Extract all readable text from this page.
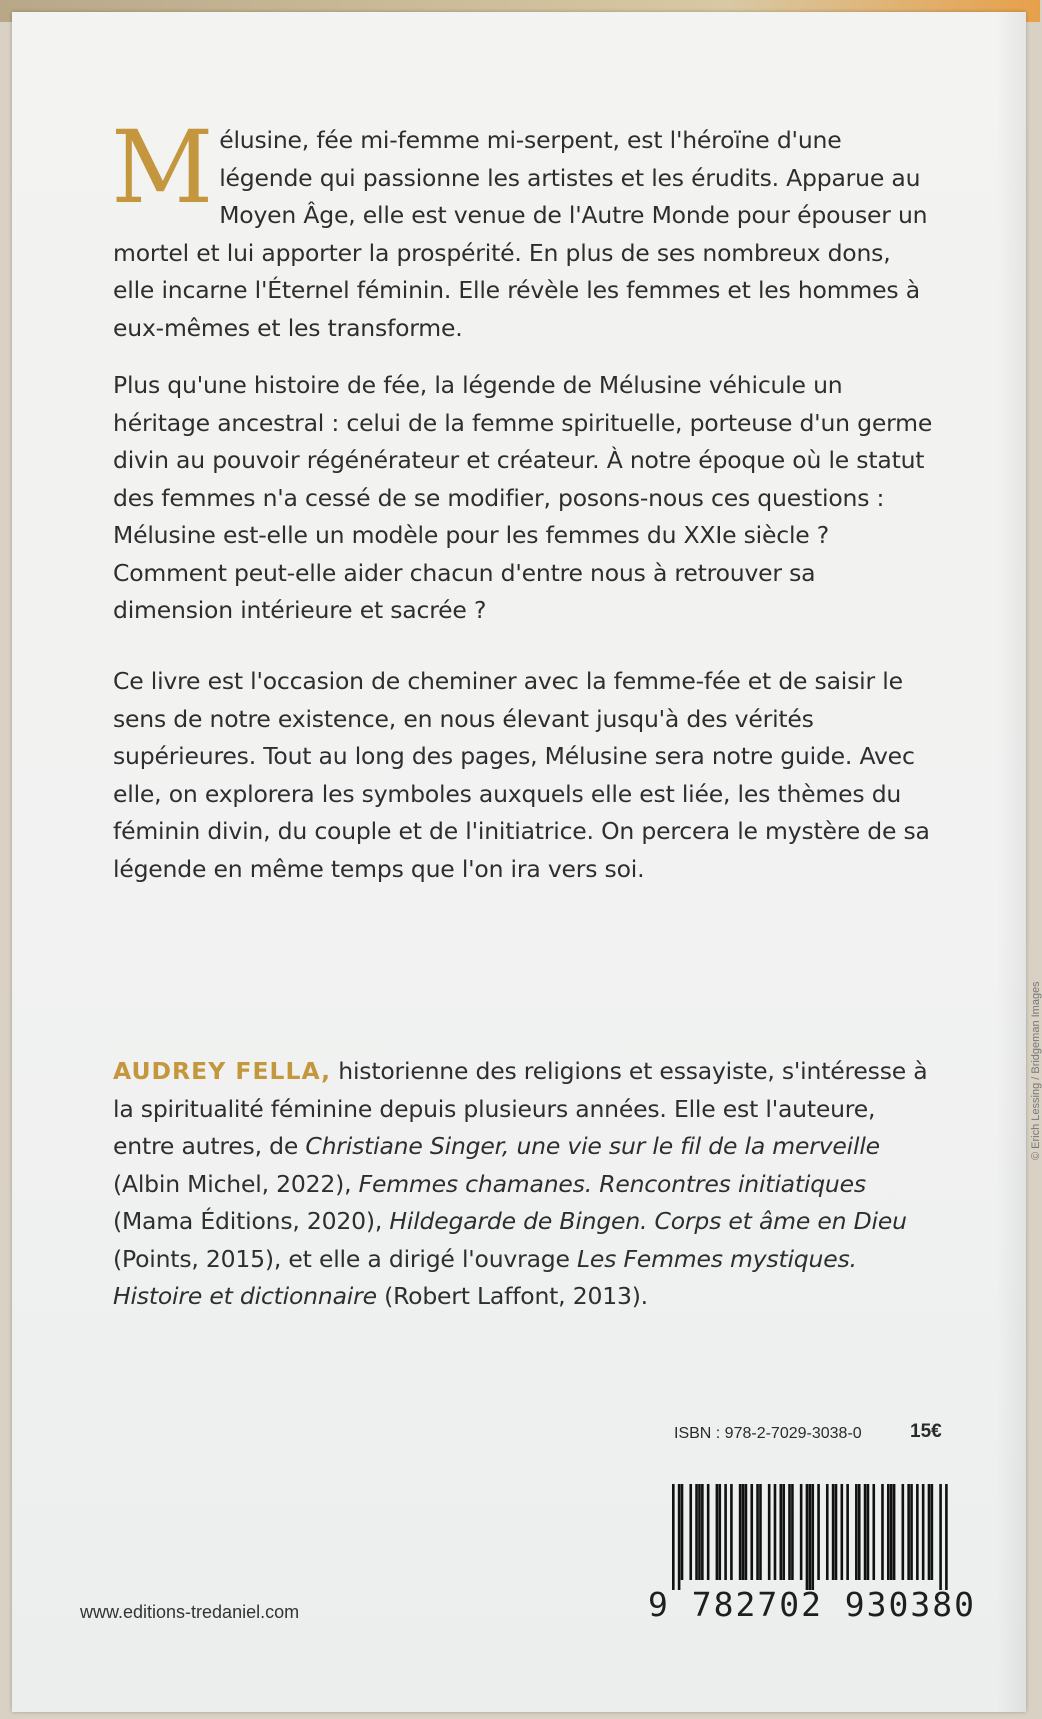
Mélusine, fée mi-femme mi-serpent, est l'héroïne d'une légende qui passionne les artistes et les érudits. Apparue au Moyen Âge, elle est venue de l'Autre Monde pour épouser un mortel et lui apporter la prospérité. En plus de ses nombreux dons, elle incarne l'Éternel féminin. Elle révèle les femmes et les hommes à eux-mêmes et les transforme.
Plus qu'une histoire de fée, la légende de Mélusine véhicule un héritage ancestral : celui de la femme spirituelle, porteuse d'un germe divin au pouvoir régénérateur et créateur. À notre époque où le statut des femmes n'a cessé de se modifier, posons-nous ces questions : Mélusine est-elle un modèle pour les femmes du XXIe siècle ? Comment peut-elle aider chacun d'entre nous à retrouver sa dimension intérieure et sacrée ?
Ce livre est l'occasion de cheminer avec la femme-fée et de saisir le sens de notre existence, en nous élevant jusqu'à des vérités supérieures. Tout au long des pages, Mélusine sera notre guide. Avec elle, on explorera les symboles auxquels elle est liée, les thèmes du féminin divin, du couple et de l'initiatrice. On percera le mystère de sa légende en même temps que l'on ira vers soi.
AUDREY FELLA, historienne des religions et essayiste, s'intéresse à la spiritualité féminine depuis plusieurs années. Elle est l'auteure, entre autres, de Christiane Singer, une vie sur le fil de la merveille (Albin Michel, 2022), Femmes chamanes. Rencontres initiatiques (Mama Éditions, 2020), Hildegarde de Bingen. Corps et âme en Dieu (Points, 2015), et elle a dirigé l'ouvrage Les Femmes mystiques. Histoire et dictionnaire (Robert Laffont, 2013).
ISBN : 978-2-7029-3038-0	15€
9 782702 930380
www.editions-tredaniel.com
© Erich Lessing / Bridgeman Images
